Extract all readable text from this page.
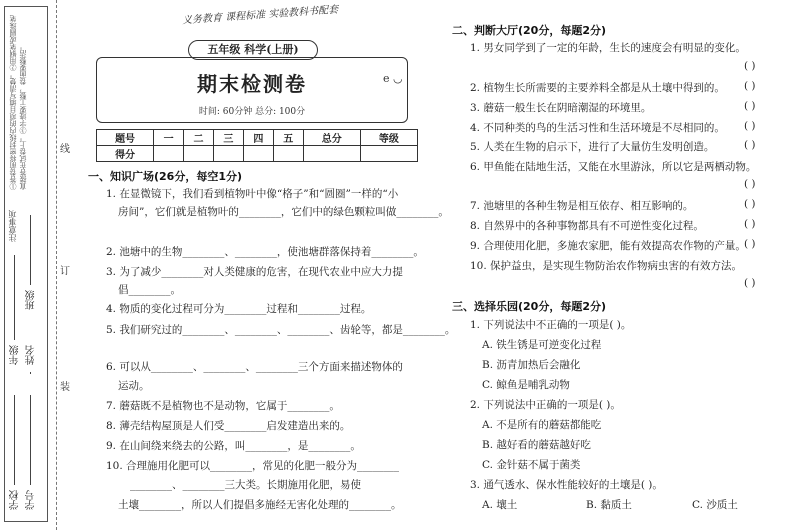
①答卷前将密封线内的项目填写清楚。②用钢笔或圆珠笔直接答在试卷上。③字迹要工整，卷面要整洁。
注意事项
年级
班级
姓名
学校 学号
线
订
装
义务教育 课程标准 实验教科书配套
五年级 科学(上册)
期末检测卷
时间: 60分钟 总分: 100分
e ◡
题号	一	二	三	四	五	总分	等级
得分							
一、知识广场(26分，每空1分)
1. 在显微镜下，我们看到植物叶中像“格子”和“圆圈”一样的“小
房间”，它们就是植物叶的________，它们中的绿色颗粒叫做________。
2. 池塘中的生物________、________，使池塘群落保持着________。
3. 为了减少________对人类健康的危害，在现代农业中应大力提
倡________。
4. 物质的变化过程可分为________过程和________过程。
5. 我们研究过的________、________、________、齿轮等，都是________。
6. 可以从________、________、________三个方面来描述物体的
运动。
7. 蘑菇既不是植物也不是动物，它属于________。
8. 薄壳结构屋顶是人们受________启发建造出来的。
9. 在山间绕来绕去的公路，叫________，是________。
10. 合理施用化肥可以________，常见的化肥一般分为________
________、________三大类。长期施用化肥，易使
土壤________，所以人们提倡多施经无害化处理的________。
二、判断大厅(20分，每题2分)
1. 男女同学到了一定的年龄，生长的速度会有明显的变化。
( )
2. 植物生长所需要的主要养料全都是从土壤中得到的。 ( )
3. 蘑菇一般生长在阴暗潮湿的环境里。	( )
4. 不同种类的鸟的生活习性和生活环境是不尽相同的。 ( )
5. 人类在生物的启示下，进行了大量仿生发明创造。	( )
6. 甲鱼能在陆地生活，又能在水里游泳，所以它是两栖动物。
( )
7. 池塘里的各种生物是相互依存、相互影响的。	( )
8. 自然界中的各种事物都具有不可逆性变化过程。	( )
9. 合理使用化肥，多施农家肥，能有效提高农作物的产量。
( )
10. 保护益虫，是实现生物防治农作物病虫害的有效方法。
( )
三、选择乐园(20分，每题2分)
1. 下列说法中不正确的一项是( )。
A. 铁生锈是可逆变化过程
B. 沥青加热后会融化
C. 鲸鱼是哺乳动物
2. 下列说法中正确的一项是( )。
A. 不是所有的蘑菇都能吃
B. 越好看的蘑菇越好吃
C. 金针菇不属于菌类
3. 通气透水、保水性能较好的土壤是( )。
A. 壤土	B. 黏质土	C. 沙质土
